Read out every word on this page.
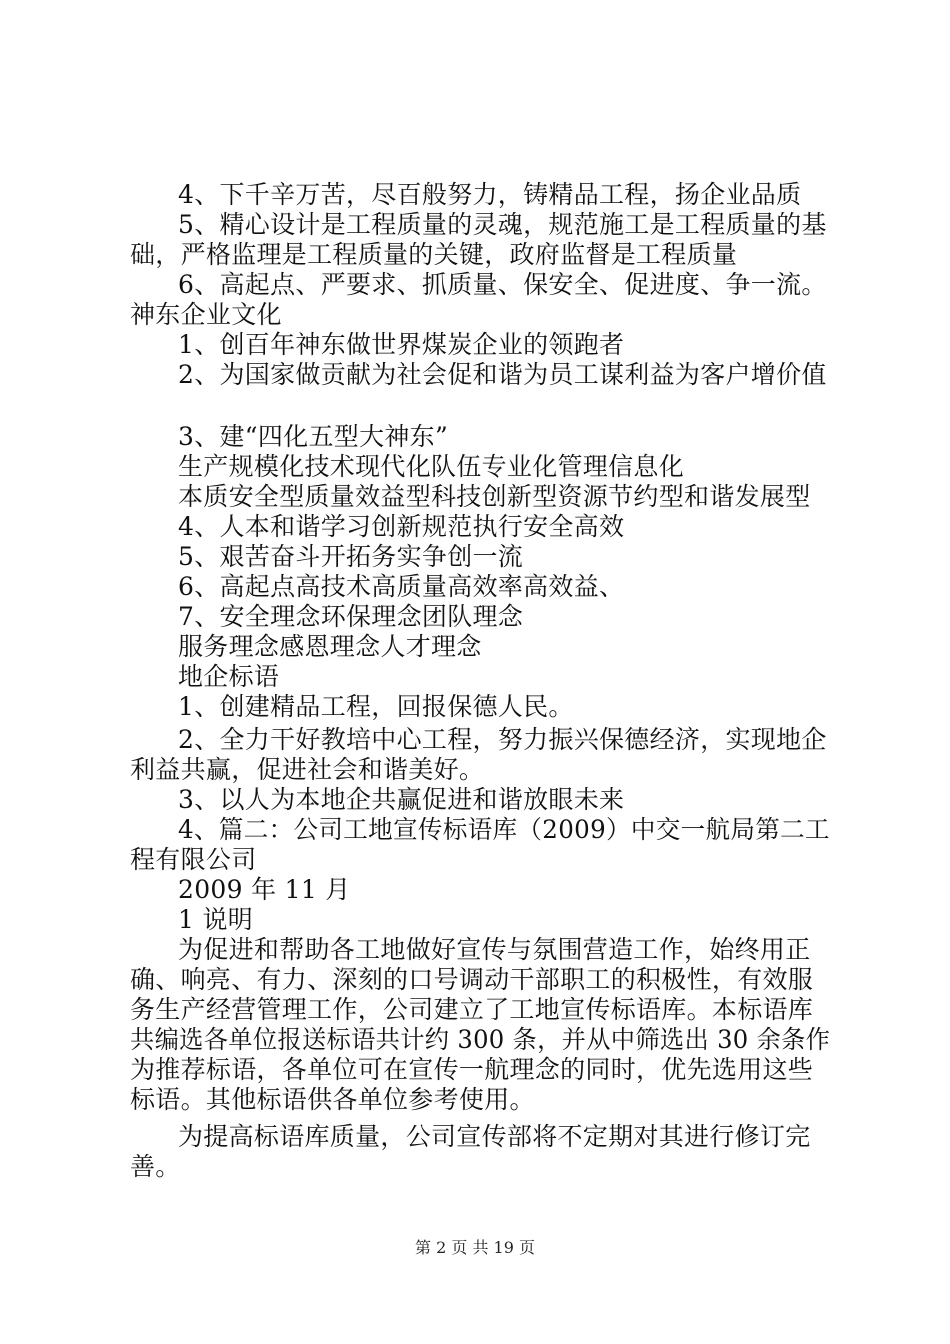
4、下千辛万苦，尽百般努力，铸精品工程，扬企业品质
5、精心设计是工程质量的灵魂，规范施工是工程质量的基
础，严格监理是工程质量的关键，政府监督是工程质量
6、高起点、严要求、抓质量、保安全、促进度、争一流。
神东企业文化
1、创百年神东做世界煤炭企业的领跑者
2、为国家做贡献为社会促和谐为员工谋利益为客户增价值
3、建“四化五型大神东”
生产规模化技术现代化队伍专业化管理信息化
本质安全型质量效益型科技创新型资源节约型和谐发展型
4、人本和谐学习创新规范执行安全高效
5、艰苦奋斗开拓务实争创一流
6、高起点高技术高质量高效率高效益、
7、安全理念环保理念团队理念
服务理念感恩理念人才理念
地企标语
1、创建精品工程，回报保德人民。
2、全力干好教培中心工程，努力振兴保德经济，实现地企
利益共赢，促进社会和谐美好。
3、以人为本地企共赢促进和谐放眼未来
4、篇二：公司工地宣传标语库（2009）中交一航局第二工
程有限公司
2009 年 11 月
1 说明
为促进和帮助各工地做好宣传与氛围营造工作，始终用正
确、响亮、有力、深刻的口号调动干部职工的积极性，有效服
务生产经营管理工作，公司建立了工地宣传标语库。本标语库
共编选各单位报送标语共计约 300 条，并从中筛选出 30 余条作
为推荐标语，各单位可在宣传一航理念的同时，优先选用这些
标语。其他标语供各单位参考使用。
为提高标语库质量，公司宣传部将不定期对其进行修订完
善。
第 2 页 共 19 页
